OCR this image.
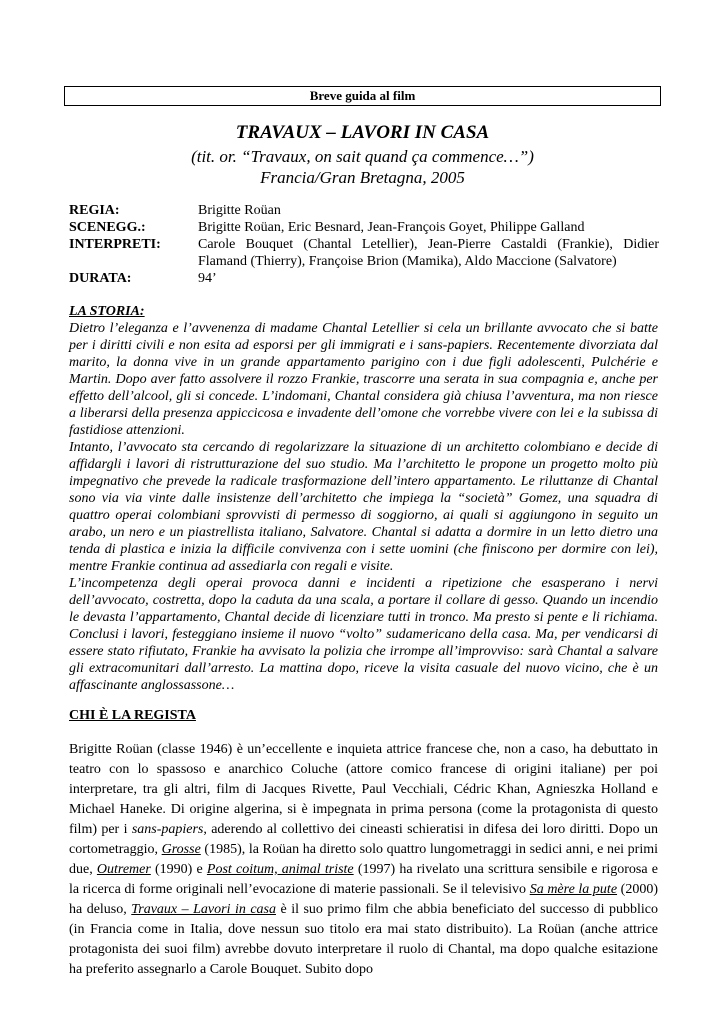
Breve guida al film
TRAVAUX – LAVORI IN CASA
(tit. or. “Travaux, on sait quand ça commence…”)
Francia/Gran Bretagna, 2005
REGIA:	Brigitte Roüan
SCENEGG.:	Brigitte Roüan, Eric Besnard, Jean-François Goyet, Philippe Galland
INTERPRETI:	Carole Bouquet (Chantal Letellier), Jean-Pierre Castaldi (Frankie), Didier Flamand (Thierry), Françoise Brion (Mamika), Aldo Maccione (Salvatore)
DURATA:	94’
LA STORIA:

Dietro l’eleganza e l’avvenenza di madame Chantal Letellier si cela un brillante avvocato che si batte per i diritti civili e non esita ad esporsi per gli immigrati e i sans-papiers. Recentemente divorziata dal marito, la donna vive in un grande appartamento parigino con i due figli adolescenti, Pulchérie e Martin. Dopo aver fatto assolvere il rozzo Frankie, trascorre una serata in sua compagnia e, anche per effetto dell’alcool, gli si concede. L’indomani, Chantal considera già chiusa l’avventura, ma non riesce a liberarsi della presenza appiccicosa e invadente dell’omone che vorrebbe vivere con lei e la subissa di fastidiose attenzioni.

Intanto, l’avvocato sta cercando di regolarizzare la situazione di un architetto colombiano e decide di affidargli i lavori di ristrutturazione del suo studio. Ma l’architetto le propone un progetto molto più impegnativo che prevede la radicale trasformazione dell’intero appartamento. Le riluttanze di Chantal sono via via vinte dalle insistenze dell’architetto che impiega la “società” Gomez, una squadra di quattro operai colombiani sprovvisti di permesso di soggiorno, ai quali si aggiungono in seguito un arabo, un nero e un piastrellista italiano, Salvatore. Chantal si adatta a dormire in un letto dietro una tenda di plastica e inizia la difficile convivenza con i sette uomini (che finiscono per dormire con lei), mentre Frankie continua ad assediarla con regali e visite.

L’incompetenza degli operai provoca danni e incidenti a ripetizione che esasperano i nervi dell’avvocato, costretta, dopo la caduta da una scala, a portare il collare di gesso. Quando un incendio le devasta l’appartamento, Chantal decide di licenziare tutti in tronco. Ma presto si pente e li richiama. Conclusi i lavori, festeggiano insieme il nuovo “volto” sudamericano della casa. Ma, per vendicarsi di essere stato rifiutato, Frankie ha avvisato la polizia che irrompe all’improvviso: sarà Chantal a salvare gli extracomunitari dall’arresto. La mattina dopo, riceve la visita casuale del nuovo vicino, che è un affascinante anglossassone…

CHI È LA REGISTA

Brigitte Roüan (classe 1946) è un’eccellente e inquieta attrice francese che, non a caso, ha debuttato in teatro con lo spassoso e anarchico Coluche (attore comico francese di origini italiane) per poi interpretare, tra gli altri, film di Jacques Rivette, Paul Vecchiali, Cédric Khan, Agnieszka Holland e Michael Haneke. Di origine algerina, si è impegnata in prima persona (come la protagonista di questo film) per i sans-papiers, aderendo al collettivo dei cineasti schieratisi in difesa dei loro diritti. Dopo un cortometraggio, Grosse (1985), la Roüan ha diretto solo quattro lungometraggi in sedici anni, e nei primi due, Outremer (1990) e Post coitum, animal triste (1997) ha rivelato una scrittura sensibile e rigorosa e la ricerca di forme originali nell’evocazione di materie passionali. Se il televisivo Sa mère la pute (2000) ha deluso, Travaux – Lavori in casa è il suo primo film che abbia beneficiato del successo di pubblico (in Francia come in Italia, dove nessun suo titolo era mai stato distribuito). La Roüan (anche attrice protagonista dei suoi film) avrebbe dovuto interpretare il ruolo di Chantal, ma dopo qualche esitazione ha preferito assegnarlo a Carole Bouquet. Subito dopo
